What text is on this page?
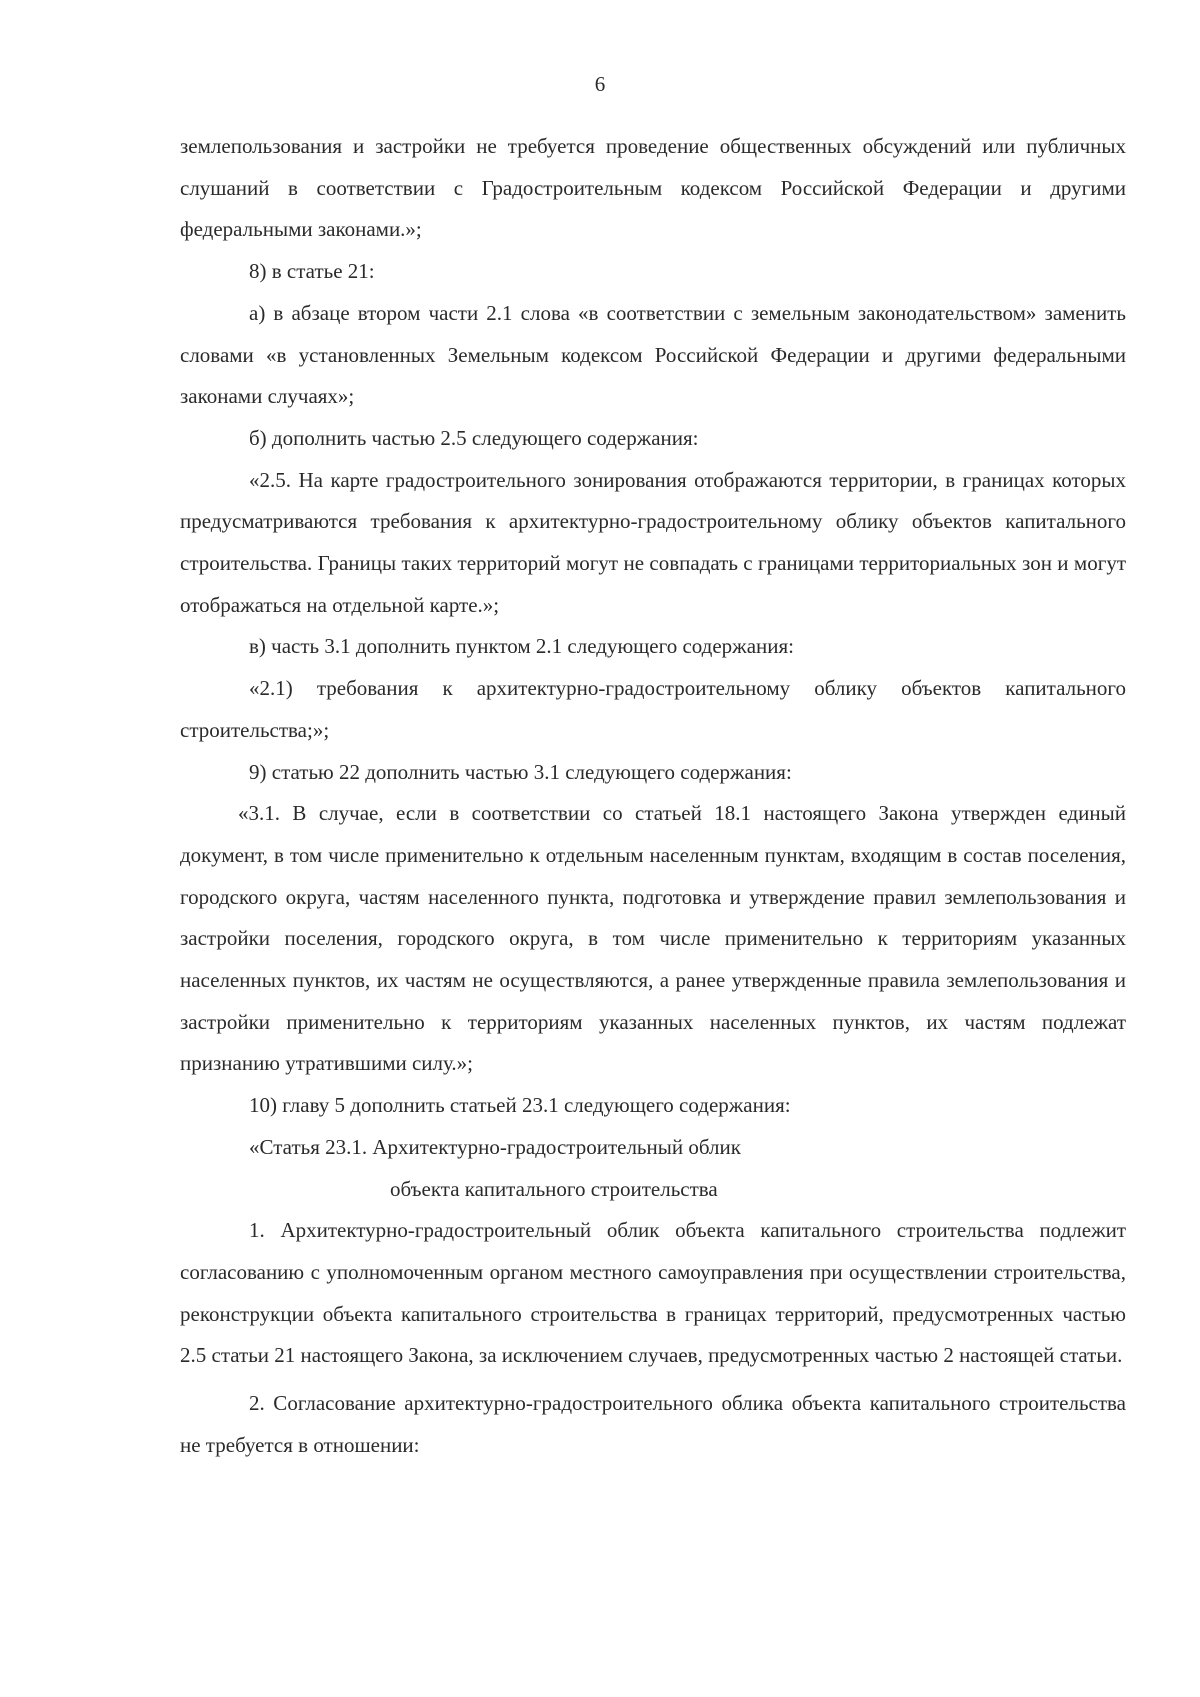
6

землепользования и застройки не требуется проведение общественных обсуждений или публичных слушаний в соответствии с Градостроительным кодексом Российской Федерации и другими федеральными законами.»;

8) в статье 21:

а) в абзаце втором части 2.1 слова «в соответствии с земельным законодательством» заменить словами «в установленных Земельным кодексом Российской Федерации и другими федеральными законами случаях»;

б) дополнить частью 2.5 следующего содержания:

«2.5. На карте градостроительного зонирования отображаются территории, в границах которых предусматриваются требования к архитектурно-градостроительному облику объектов капитального строительства. Границы таких территорий могут не совпадать с границами территориальных зон и могут отображаться на отдельной карте.»;

в) часть 3.1 дополнить пунктом 2.1 следующего содержания:

«2.1) требования к архитектурно-градостроительному облику объектов капитального строительства;»;

9) статью 22 дополнить частью 3.1 следующего содержания:

«3.1. В случае, если в соответствии со статьей 18.1 настоящего Закона утвержден единый документ, в том числе применительно к отдельным населенным пунктам, входящим в состав поселения, городского округа, частям населенного пункта, подготовка и утверждение правил землепользования и застройки поселения, городского округа, в том числе применительно к территориям указанных населенных пунктов, их частям не осуществляются, а ранее утвержденные правила землепользования и застройки применительно к территориям указанных населенных пунктов, их частям подлежат признанию утратившими силу.»;

10) главу 5 дополнить статьей 23.1 следующего содержания:

«Статья 23.1. Архитектурно-градостроительный облик

объекта капитального строительства

1. Архитектурно-градостроительный облик объекта капитального строительства подлежит согласованию с уполномоченным органом местного самоуправления при осуществлении строительства, реконструкции объекта капитального строительства в границах территорий, предусмотренных частью 2.5 статьи 21 настоящего Закона, за исключением случаев, предусмотренных частью 2 настоящей статьи.

2. Согласование архитектурно-градостроительного облика объекта капитального строительства не требуется в отношении:
